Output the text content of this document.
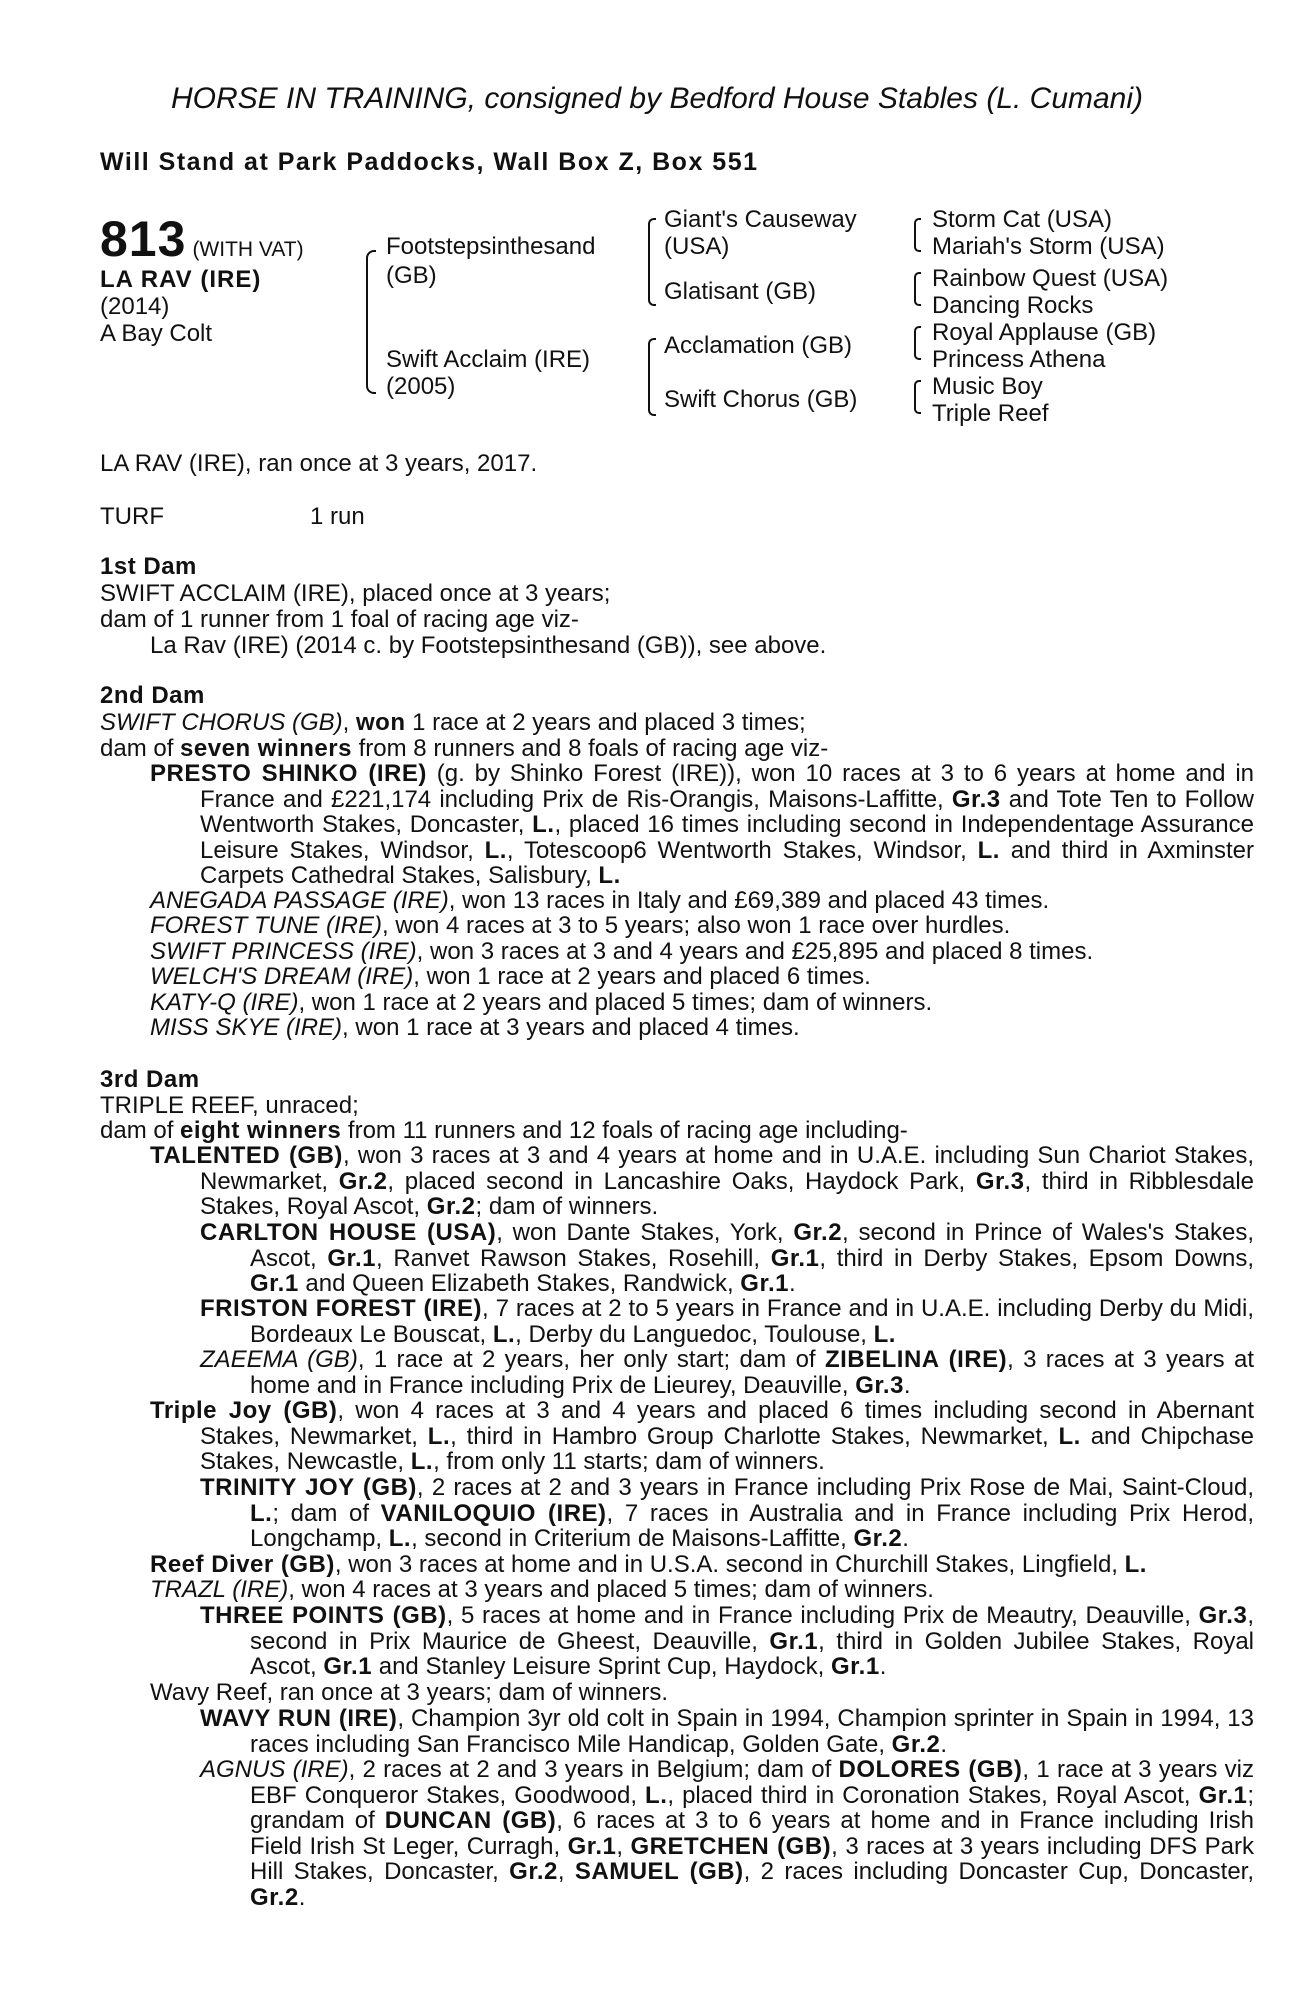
HORSE IN TRAINING, consigned by Bedford House Stables (L. Cumani)
Will Stand at Park Paddocks, Wall Box Z, Box 551
813 (WITH VAT)
LA RAV (IRE)
(2014)
A Bay Colt
Footstepsinthesand
(GB)
Swift Acclaim (IRE)
(2005)
Giant's Causeway
(USA)
Glatisant (GB)
Acclamation (GB)
Swift Chorus (GB)
Storm Cat (USA)
Mariah's Storm (USA)
Rainbow Quest (USA)
Dancing Rocks
Royal Applause (GB)
Princess Athena
Music Boy
Triple Reef
LA RAV (IRE), ran once at 3 years, 2017.
TURF	1 run
1st Dam
SWIFT ACCLAIM (IRE), placed once at 3 years;
dam of 1 runner from 1 foal of racing age viz-
La Rav (IRE) (2014 c. by Footstepsinthesand (GB)), see above.
2nd Dam
SWIFT CHORUS (GB), won 1 race at 2 years and placed 3 times;
dam of seven winners from 8 runners and 8 foals of racing age viz-
PRESTO SHINKO (IRE) (g. by Shinko Forest (IRE)), won 10 races at 3 to 6 years at home and in France and £221,174 including Prix de Ris-Orangis, Maisons-Laffitte, Gr.3 and Tote Ten to Follow Wentworth Stakes, Doncaster, L., placed 16 times including second in Independentage Assurance Leisure Stakes, Windsor, L., Totescoop6 Wentworth Stakes, Windsor, L. and third in Axminster Carpets Cathedral Stakes, Salisbury, L.
ANEGADA PASSAGE (IRE), won 13 races in Italy and £69,389 and placed 43 times.
FOREST TUNE (IRE), won 4 races at 3 to 5 years; also won 1 race over hurdles.
SWIFT PRINCESS (IRE), won 3 races at 3 and 4 years and £25,895 and placed 8 times.
WELCH'S DREAM (IRE), won 1 race at 2 years and placed 6 times.
KATY-Q (IRE), won 1 race at 2 years and placed 5 times; dam of winners.
MISS SKYE (IRE), won 1 race at 3 years and placed 4 times.
3rd Dam
TRIPLE REEF, unraced;
dam of eight winners from 11 runners and 12 foals of racing age including-
TALENTED (GB), won 3 races at 3 and 4 years at home and in U.A.E. including Sun Chariot Stakes, Newmarket, Gr.2, placed second in Lancashire Oaks, Haydock Park, Gr.3, third in Ribblesdale Stakes, Royal Ascot, Gr.2; dam of winners.
CARLTON HOUSE (USA), won Dante Stakes, York, Gr.2, second in Prince of Wales's Stakes, Ascot, Gr.1, Ranvet Rawson Stakes, Rosehill, Gr.1, third in Derby Stakes, Epsom Downs, Gr.1 and Queen Elizabeth Stakes, Randwick, Gr.1.
FRISTON FOREST (IRE), 7 races at 2 to 5 years in France and in U.A.E. including Derby du Midi, Bordeaux Le Bouscat, L., Derby du Languedoc, Toulouse, L.
ZAEEMA (GB), 1 race at 2 years, her only start; dam of ZIBELINA (IRE), 3 races at 3 years at home and in France including Prix de Lieurey, Deauville, Gr.3.
Triple Joy (GB), won 4 races at 3 and 4 years and placed 6 times including second in Abernant Stakes, Newmarket, L., third in Hambro Group Charlotte Stakes, Newmarket, L. and Chipchase Stakes, Newcastle, L., from only 11 starts; dam of winners.
TRINITY JOY (GB), 2 races at 2 and 3 years in France including Prix Rose de Mai, Saint-Cloud, L.; dam of VANILOQUIO (IRE), 7 races in Australia and in France including Prix Herod, Longchamp, L., second in Criterium de Maisons-Laffitte, Gr.2.
Reef Diver (GB), won 3 races at home and in U.S.A. second in Churchill Stakes, Lingfield, L.
TRAZL (IRE), won 4 races at 3 years and placed 5 times; dam of winners.
THREE POINTS (GB), 5 races at home and in France including Prix de Meautry, Deauville, Gr.3, second in Prix Maurice de Gheest, Deauville, Gr.1, third in Golden Jubilee Stakes, Royal Ascot, Gr.1 and Stanley Leisure Sprint Cup, Haydock, Gr.1.
Wavy Reef, ran once at 3 years; dam of winners.
WAVY RUN (IRE), Champion 3yr old colt in Spain in 1994, Champion sprinter in Spain in 1994, 13 races including San Francisco Mile Handicap, Golden Gate, Gr.2.
AGNUS (IRE), 2 races at 2 and 3 years in Belgium; dam of DOLORES (GB), 1 race at 3 years viz EBF Conqueror Stakes, Goodwood, L., placed third in Coronation Stakes, Royal Ascot, Gr.1; grandam of DUNCAN (GB), 6 races at 3 to 6 years at home and in France including Irish Field Irish St Leger, Curragh, Gr.1, GRETCHEN (GB), 3 races at 3 years including DFS Park Hill Stakes, Doncaster, Gr.2, SAMUEL (GB), 2 races including Doncaster Cup, Doncaster, Gr.2.
